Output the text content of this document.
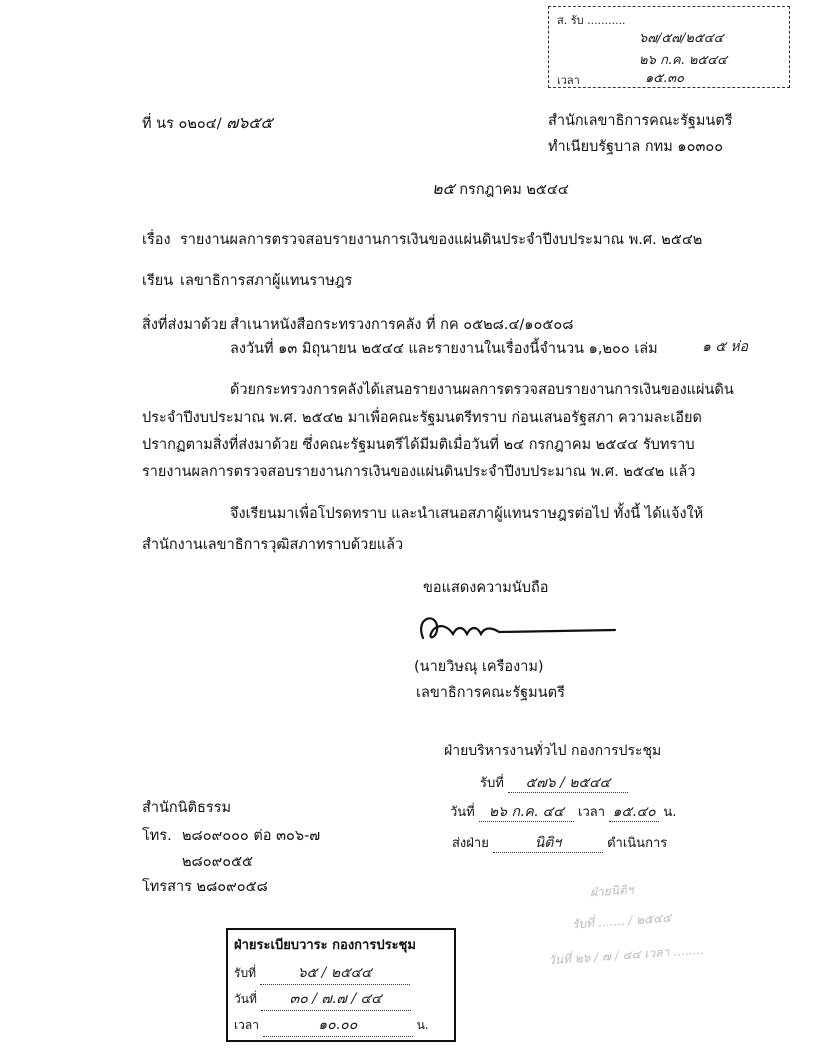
ส. รับ ...........
๖๗/๕๗/๒๕๔๔
๒๖ ก.ค. ๒๕๔๔
เวลา	๑๕.๓๐
ที่ นร ๐๒๐๔/ ๗๖๕๕	สำนักเลขาธิการคณะรัฐมนตรี
ทำเนียบรัฐบาล กทม ๑๐๓๐๐
๒๕ กรกฎาคม ๒๕๔๔
เรื่อง รายงานผลการตรวจสอบรายงานการเงินของแผ่นดินประจำปีงบประมาณ พ.ศ. ๒๕๔๒
เรียน เลขาธิการสภาผู้แทนราษฎร
สิ่งที่ส่งมาด้วย สำเนาหนังสือกระทรวงการคลัง ที่ กค ๐๕๒๘.๔/๑๐๕๐๘
ลงวันที่ ๑๓ มิถุนายน ๒๕๔๔ และรายงานในเรื่องนี้จำนวน ๑,๒๐๐ เล่ม	๑ ๕ ห่อ
ด้วยกระทรวงการคลังได้เสนอรายงานผลการตรวจสอบรายงานการเงินของแผ่นดิน
ประจำปีงบประมาณ พ.ศ. ๒๕๔๒ มาเพื่อคณะรัฐมนตรีทราบ ก่อนเสนอรัฐสภา ความละเอียด
ปรากฏตามสิ่งที่ส่งมาด้วย ซึ่งคณะรัฐมนตรีได้มีมติเมื่อวันที่ ๒๔ กรกฎาคม ๒๕๔๔ รับทราบ
รายงานผลการตรวจสอบรายงานการเงินของแผ่นดินประจำปีงบประมาณ พ.ศ. ๒๕๔๒ แล้ว
จึงเรียนมาเพื่อโปรดทราบ และนำเสนอสภาผู้แทนราษฎรต่อไป ทั้งนี้ ได้แจ้งให้
สำนักงานเลขาธิการวุฒิสภาทราบด้วยแล้ว
ขอแสดงความนับถือ
(นายวิษณุ เครืองาม)
เลขาธิการคณะรัฐมนตรี
ฝ่ายบริหารงานทั่วไป กองการประชุม
รับที่ ๕๗๖ / ๒๕๔๔
วันที่ ๒๖ ก.ค. ๔๔ เวลา ๑๕.๔๐ น.
ส่งฝ่าย	นิติฯ	ดำเนินการ
สำนักนิติธรรม
โทร. ๒๘๐๙๐๐๐ ต่อ ๓๐๖-๗
๒๘๐๙๐๕๕
โทรสาร ๒๘๐๙๐๕๘	ฝ่ายนิติฯ
รับที่ ....... / ๒๕๔๔
วันที่ ๒๖ / ๗ / ๔๔ เวลา ........
ฝ่ายระเบียบวาระ กองการประชุม
รับที่	๖๕ / ๒๕๔๔
วันที่ ๓๐ / ๗.๗ / ๔๔
เวลา	๑๐.๐๐	น.
